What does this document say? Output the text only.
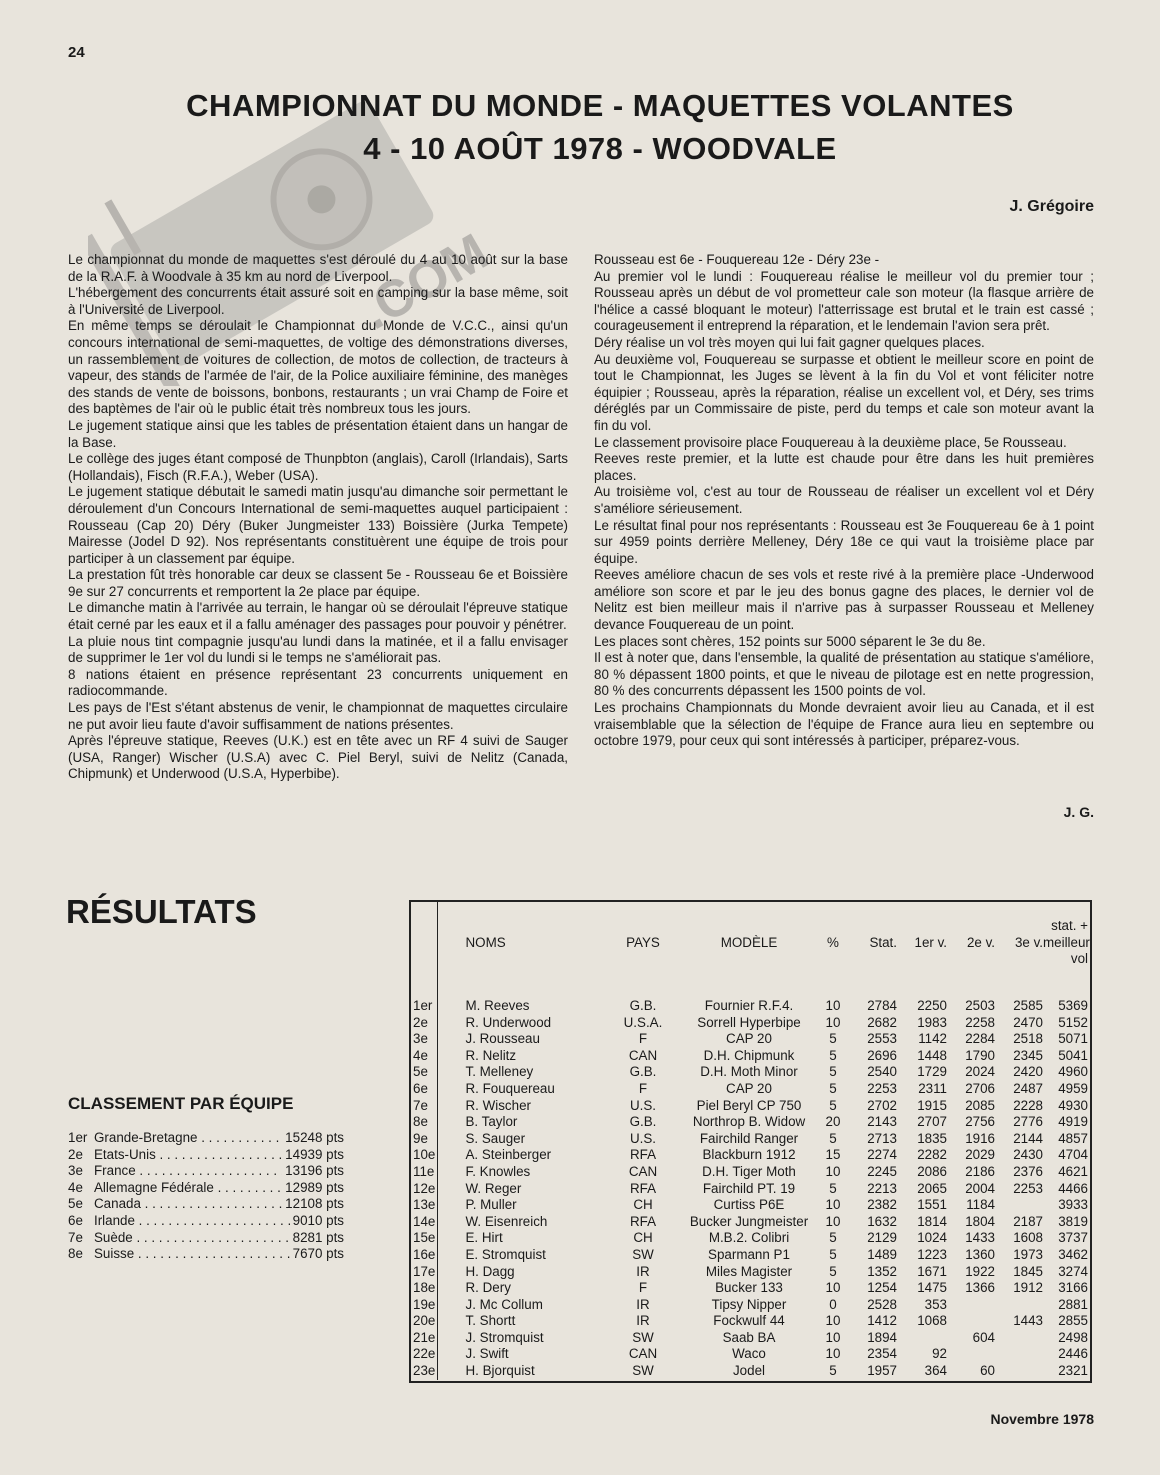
.COM
24
CHAMPIONNAT DU MONDE - MAQUETTES VOLANTES
4 - 10 AOÛT 1978 - WOODVALE
J. Grégoire

Le championnat du monde de maquettes s'est déroulé du 4 au 10 août sur la base de la R.A.F. à Woodvale à 35 km au nord de Liverpool.

L'hébergement des concurrents était assuré soit en camping sur la base même, soit à l'Université de Liverpool.

En même temps se déroulait le Championnat du Monde de V.C.C., ainsi qu'un concours international de semi-maquettes, de voltige des démonstrations diverses, un rassemblement de voitures de collection, de motos de collection, de tracteurs à vapeur, des stands de l'armée de l'air, de la Police auxiliaire féminine, des manèges des stands de vente de boissons, bonbons, restaurants ; un vrai Champ de Foire et des baptèmes de l'air où le public était très nombreux tous les jours.

Le jugement statique ainsi que les tables de présentation étaient dans un hangar de la Base.

Le collège des juges étant composé de Thunpbton (anglais), Caroll (Irlandais), Sarts (Hollandais), Fisch (R.F.A.), Weber (USA).

Le jugement statique débutait le samedi matin jusqu'au dimanche soir permettant le déroulement d'un Concours International de semi-maquettes auquel participaient : Rousseau (Cap 20) Déry (Buker Jungmeister 133) Boissière (Jurka Tempete) Mairesse (Jodel D 92). Nos représentants constituèrent une équipe de trois pour participer à un classement par équipe.

La prestation fût très honorable car deux se classent 5e - Rousseau 6e et Boissière 9e sur 27 concurrents et remportent la 2e place par équipe.

Le dimanche matin à l'arrivée au terrain, le hangar où se déroulait l'épreuve statique était cerné par les eaux et il a fallu aménager des passages pour pouvoir y pénétrer.

La pluie nous tint compagnie jusqu'au lundi dans la matinée, et il a fallu envisager de supprimer le 1er vol du lundi si le temps ne s'améliorait pas.

8 nations étaient en présence représentant 23 concurrents uniquement en radiocommande.

Les pays de l'Est s'étant abstenus de venir, le championnat de maquettes circulaire ne put avoir lieu faute d'avoir suffisamment de nations présentes.

Après l'épreuve statique, Reeves (U.K.) est en tête avec un RF 4 suivi de Sauger (USA, Ranger) Wischer (U.S.A) avec C. Piel Beryl, suivi de Nelitz (Canada, Chipmunk) et Underwood (U.S.A, Hyperbibe).

Rousseau est 6e - Fouquereau 12e - Déry 23e -

Au premier vol le lundi : Fouquereau réalise le meilleur vol du premier tour ; Rousseau après un début de vol prometteur cale son moteur (la flasque arrière de l'hélice a cassé bloquant le moteur) l'atterrissage est brutal et le train est cassé ; courageusement il entreprend la réparation, et le lendemain l'avion sera prêt.

Déry réalise un vol très moyen qui lui fait gagner quelques places.

Au deuxième vol, Fouquereau se surpasse et obtient le meilleur score en point de tout le Championnat, les Juges se lèvent à la fin du Vol et vont féliciter notre équipier ; Rousseau, après la réparation, réalise un excellent vol, et Déry, ses trims déréglés par un Commissaire de piste, perd du temps et cale son moteur avant la fin du vol.

Le classement provisoire place Fouquereau à la deuxième place, 5e Rousseau.

Reeves reste premier, et la lutte est chaude pour être dans les huit premières places.

Au troisième vol, c'est au tour de Rousseau de réaliser un excellent vol et Déry s'améliore sérieusement.

Le résultat final pour nos représentants : Rousseau est 3e Fouquereau 6e à 1 point sur 4959 points derrière Melleney, Déry 18e ce qui vaut la troisième place par équipe.

Reeves améliore chacun de ses vols et reste rivé à la première place -Underwood améliore son score et par le jeu des bonus gagne des places, le dernier vol de Nelitz est bien meilleur mais il n'arrive pas à surpasser Rousseau et Melleney devance Fouquereau de un point.

Les places sont chères, 152 points sur 5000 séparent le 3e du 8e.

Il est à noter que, dans l'ensemble, la qualité de présentation au statique s'améliore, 80 % dépassent 1800 points, et que le niveau de pilotage est en nette progression, 80 % des concurrents dépassent les 1500 points de vol.

Les prochains Championnats du Monde devraient avoir lieu au Canada, et il est vraisemblable que la sélection de l'équipe de France aura lieu en septembre ou octobre 1979, pour ceux qui sont intéressés à participer, préparez-vous.

J. G.
RÉSULTATS
CLASSEMENT PAR ÉQUIPE
1er Grande-Bretagne . . .	15248 pts
2e Etats-Unis . . .	14939 pts
3e France . . .	13196 pts
4e Allemagne Fédérale . . .	12989 pts
5e Canada . . .	12108 pts
6e Irlande . . .	9010 pts
7e Suède . . .	8281 pts
8e Suisse . . .	7670 pts
	NOMS	PAYS	MODÈLE	%	Stat.	1er v.	2e v.	3e v.	stat. + meilleur vol
1er	M. Reeves	G.B.	Fournier R.F.4.	10	2784	2250	2503	2585	5369
2e	R. Underwood	U.S.A.	Sorrell Hyperbipe	10	2682	1983	2258	2470	5152
3e	J. Rousseau	F	CAP 20	5	2553	1142	2284	2518	5071
4e	R. Nelitz	CAN	D.H. Chipmunk	5	2696	1448	1790	2345	5041
5e	T. Melleney	G.B.	D.H. Moth Minor	5	2540	1729	2024	2420	4960
6e	R. Fouquereau	F	CAP 20	5	2253	2311	2706	2487	4959
7e	R. Wischer	U.S.	Piel Beryl CP 750	5	2702	1915	2085	2228	4930
8e	B. Taylor	G.B.	Northrop B. Widow	20	2143	2707	2756	2776	4919
9e	S. Sauger	U.S.	Fairchild Ranger	5	2713	1835	1916	2144	4857
10e	A. Steinberger	RFA	Blackburn 1912	15	2274	2282	2029	2430	4704
11e	F. Knowles	CAN	D.H. Tiger Moth	10	2245	2086	2186	2376	4621
12e	W. Reger	RFA	Fairchild PT. 19	5	2213	2065	2004	2253	4466
13e	P. Muller	CH	Curtiss P6E	10	2382	1551	1184		3933
14e	W. Eisenreich	RFA	Bucker Jungmeister	10	1632	1814	1804	2187	3819
15e	E. Hirt	CH	M.B.2. Colibri	5	2129	1024	1433	1608	3737
16e	E. Stromquist	SW	Sparmann P1	5	1489	1223	1360	1973	3462
17e	H. Dagg	IR	Miles Magister	5	1352	1671	1922	1845	3274
18e	R. Dery	F	Bucker 133	10	1254	1475	1366	1912	3166
19e	J. Mc Collum	IR	Tipsy Nipper	0	2528	353			2881
20e	T. Shortt	IR	Fockwulf 44	10	1412	1068		1443	2855
21e	J. Stromquist	SW	Saab BA	10	1894		604		2498
22e	J. Swift	CAN	Waco	10	2354	92			2446
23e	H. Bjorquist	SW	Jodel	5	1957	364	60		2321
Novembre 1978
